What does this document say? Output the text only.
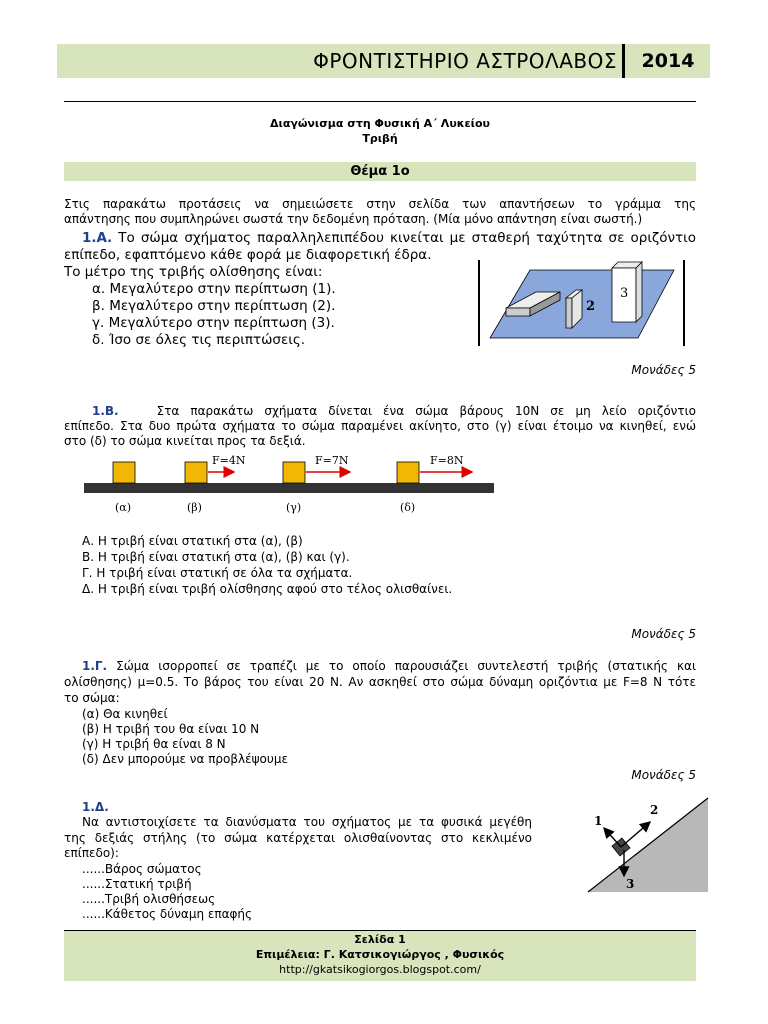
ΦΡΟΝΤΙΣΤΗΡΙΟ ΑΣΤΡΟΛΑΒΟΣ	2014
Διαγώνισμα στη Φυσική Α΄ Λυκείου
Τριβή
Θέμα 1ο
Στις παρακάτω προτάσεις να σημειώσετε στην σελίδα των απαντήσεων το γράμμα της
απάντησης που συμπληρώνει σωστά την δεδομένη πρόταση. (Μία μόνο απάντηση είναι σωστή.)
1.Α. Το σώμα σχήματος παραλληλεπιπέδου κινείται με σταθερή ταχύτητα σε οριζόντιο
επίπεδο, εφαπτόμενο κάθε φορά με διαφορετική έδρα.
Το μέτρο της τριβής ολίσθησης είναι:
α. Μεγαλύτερο στην περίπτωση (1).
β. Μεγαλύτερο στην περίπτωση (2).
γ. Μεγαλύτερο στην περίπτωση (3).
δ. Ίσο σε όλες τις περιπτώσεις.
2
3
Μονάδες 5
1.Β.	Στα παρακάτω σχήματα δίνεται ένα σώμα βάρους 10Ν σε μη λείο οριζόντιο
επίπεδο. Στα δυο πρώτα σχήματα το σώμα παραμένει ακίνητο, στο (γ) είναι έτοιμο να κινηθεί, ενώ
στο (δ) το σώμα κινείται προς τα δεξιά.
F=4N	F=7N	F=8N
(α)	(β)	(γ)	(δ)
Α. Η τριβή είναι στατική στα (α), (β)
Β. Η τριβή είναι στατική στα (α), (β) και (γ).
Γ. Η τριβή είναι στατική σε όλα τα σχήματα.
Δ. Η τριβή είναι τριβή ολίσθησης αφού στο τέλος ολισθαίνει.
Μονάδες 5
1.Γ. Σώμα ισορροπεί σε τραπέζι με το οποίο παρουσιάζει συντελεστή τριβής (στατικής και
ολίσθησης) μ=0.5. Το βάρος του είναι 20 Ν. Αν ασκηθεί στο σώμα δύναμη οριζόντια με F=8 Ν τότε
το σώμα:
(α) Θα κινηθεί
(β) Η τριβή του θα είναι 10 Ν
(γ) Η τριβή θα είναι 8 Ν
(δ) Δεν μπορούμε να προβλέψουμε
Μονάδες 5
1.Δ.
Να αντιστοιχίσετε τα διανύσματα του σχήματος με τα φυσικά μεγέθη
της δεξιάς στήλης (το σώμα κατέρχεται ολισθαίνοντας στο κεκλιμένο
επίπεδο):
......Βάρος σώματος
......Στατική τριβή
......Τριβή ολισθήσεως
......Κάθετος δύναμη επαφής
1
2
3
Σελίδα 1
Επιμέλεια: Γ. Κατσικογιώργος , Φυσικός
http://gkatsikogiorgos.blogspot.com/
